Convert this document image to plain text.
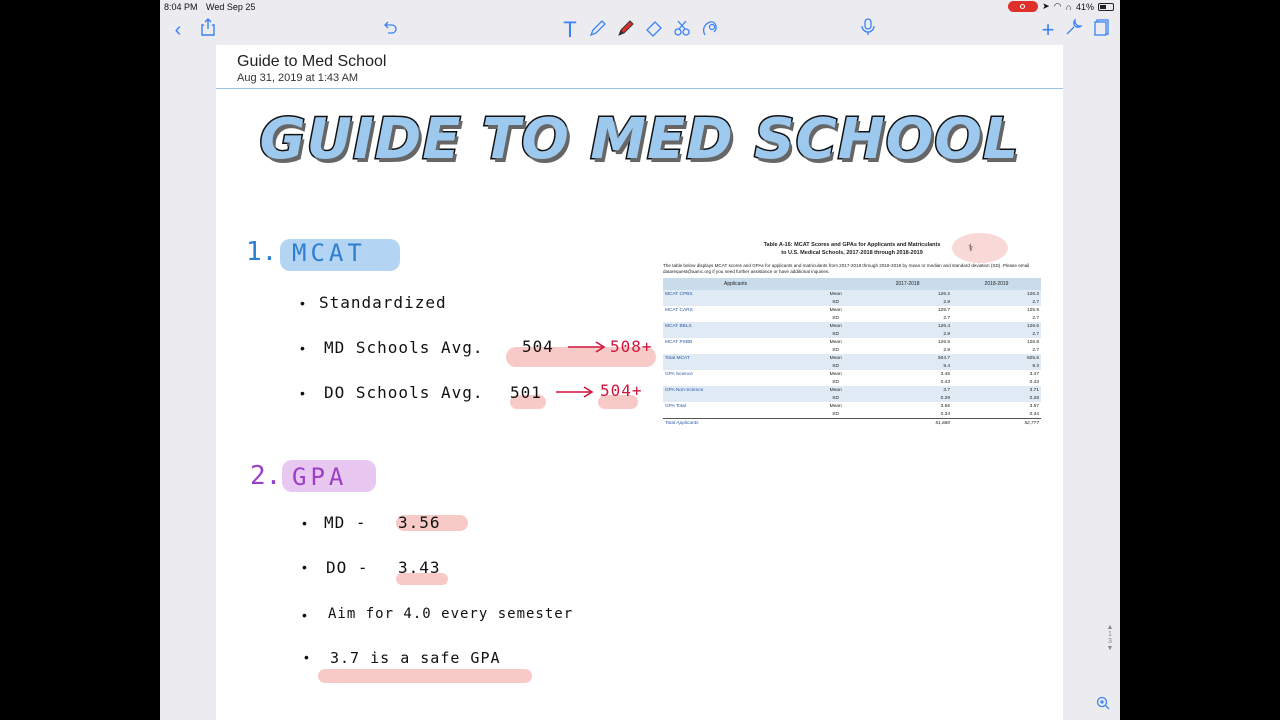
8:04 PM Wed Sep 25	➤ ◠ ∩ 41%
‹	T	+
Guide to Med School
Aug 31, 2019 at 1:43 AM
GUIDE TO MED SCHOOL
1. MCAT
• Standardized
• MD Schools Avg. 504	508+
• DO Schools Avg. 501	504+
2. GPA
• MD - 3.56
• DO - 3.43
• Aim for 4.0 every semester
• 3.7 is a safe GPA
⚕
Table A-16: MCAT Scores and GPAs for Applicants and Matriculants
to U.S. Medical Schools, 2017-2018 through 2018-2019
The table below displays MCAT scores and GPAs for applicants and matriculants from 2017-2018 through 2018-2019 by mean or median and standard deviation (SD). Please email datarequest@aamc.org if you need further assistance or have additional inquiries.
Applicants		2017-2018	2018-2019
MCAT CPBS	Mean	126.2	126.3
	SD	2.8	2.7
MCAT CARS	Mean	125.7	125.9
	SD	2.7	2.7
MCAT BBLS	Mean	126.4	126.6
	SD	2.8	2.7
MCAT PSBB	Mean	126.5	126.8
	SD	2.8	2.7
Total MCAT	Mean	504.7	505.6
	SD	9.4	9.3
GPA Science	Mean	3.45	3.47
	SD	0.43	0.43
GPA Non-Science	Mean	3.7	3.71
	SD	0.29	0.28
GPA Total	Mean	3.56	3.57
	SD	0.34	0.34
Total Applicants		51,680	52,777
▲
1
3
▼
